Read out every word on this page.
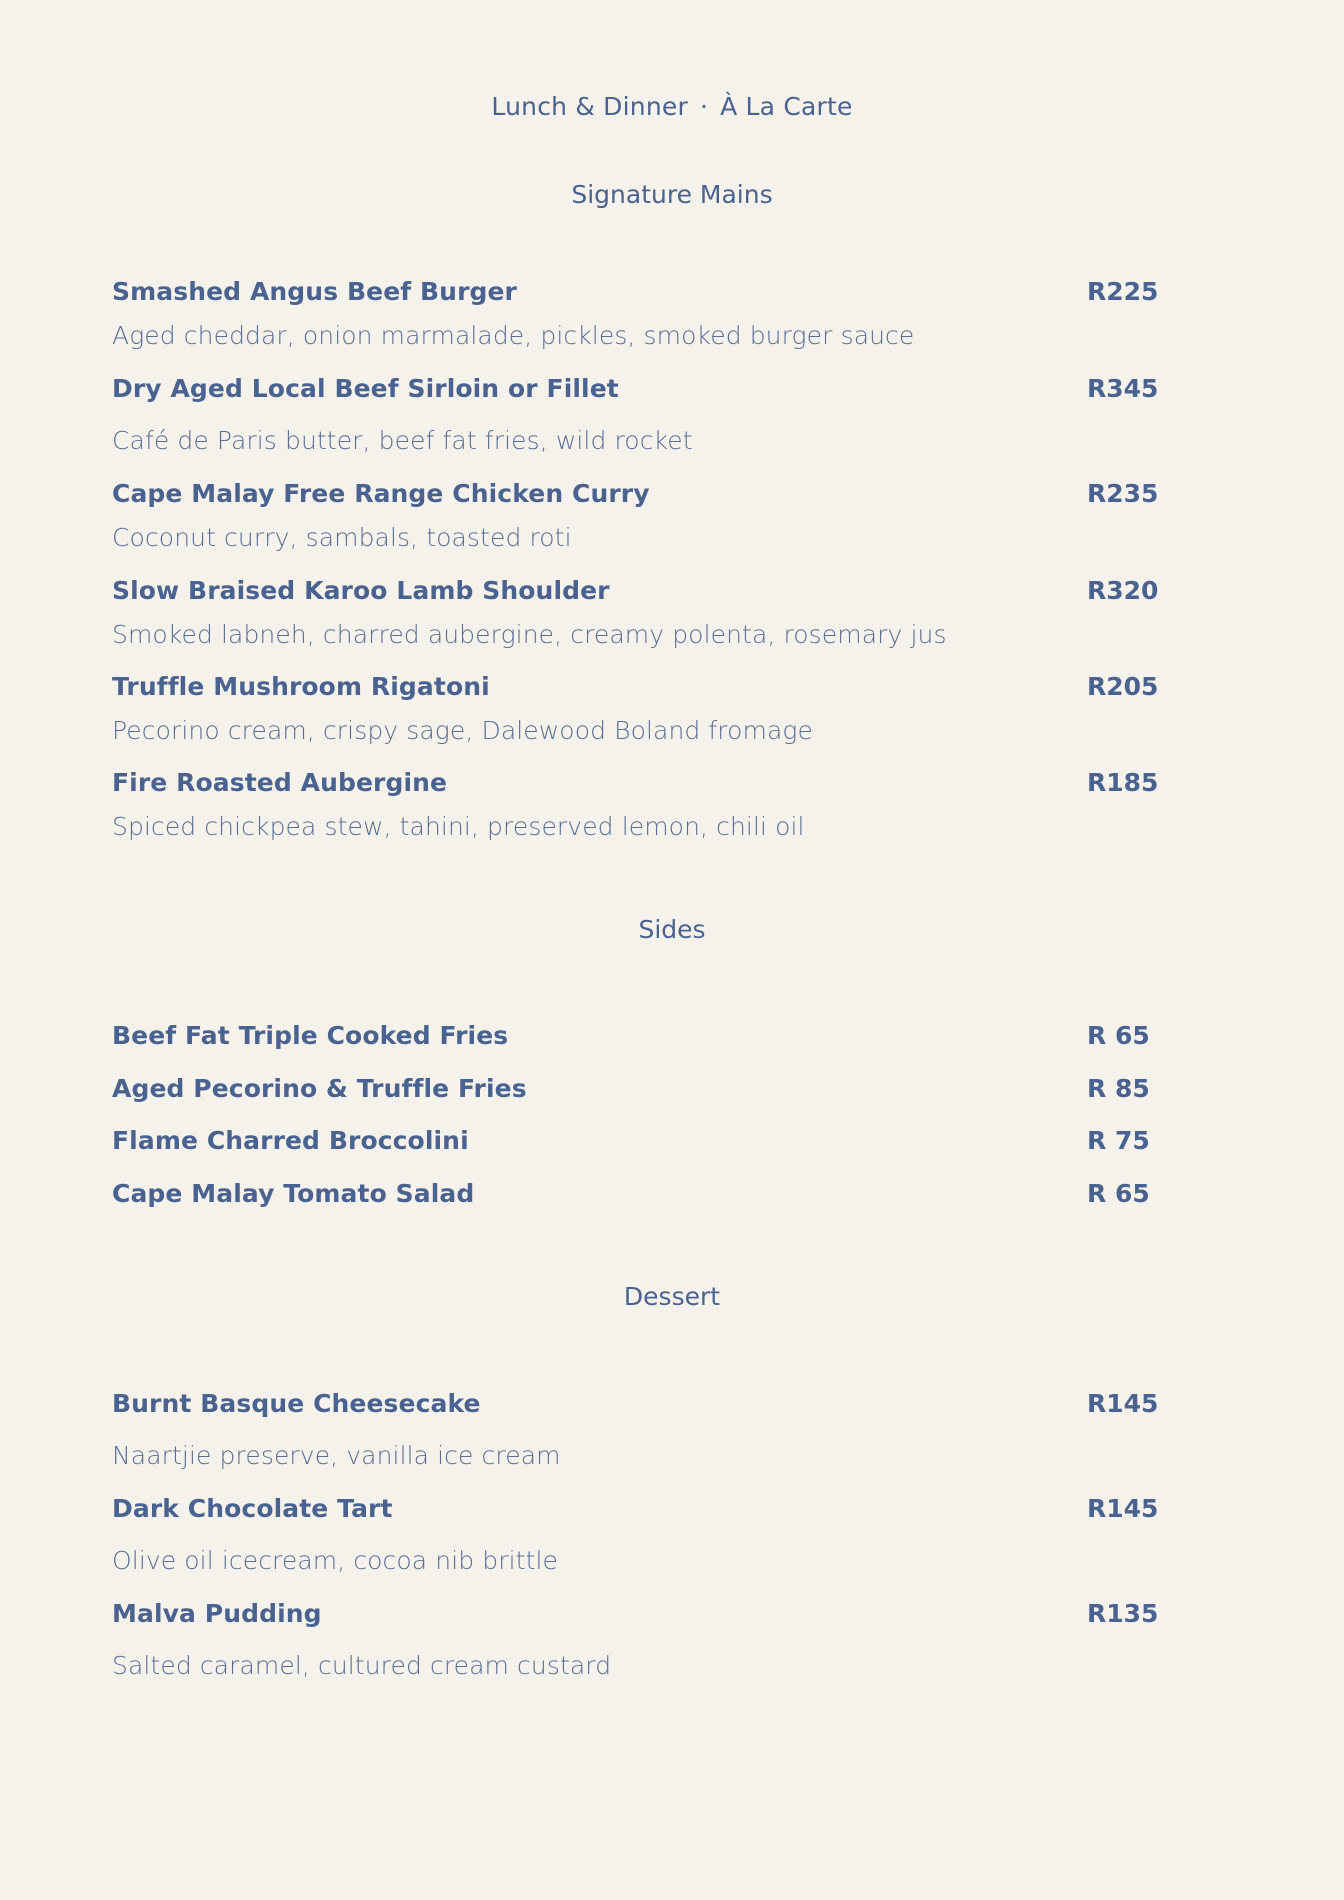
Lunch & Dinner · À La Carte
Signature Mains
Smashed Angus Beef Burger	R225
Aged cheddar, onion marmalade, pickles, smoked burger sauce
Dry Aged Local Beef Sirloin or Fillet	R345
Café de Paris butter, beef fat fries, wild rocket
Cape Malay Free Range Chicken Curry	R235
Coconut curry, sambals, toasted roti
Slow Braised Karoo Lamb Shoulder	R320
Smoked labneh, charred aubergine, creamy polenta, rosemary jus
Truffle Mushroom Rigatoni	R205
Pecorino cream, crispy sage, Dalewood Boland fromage
Fire Roasted Aubergine	R185
Spiced chickpea stew, tahini, preserved lemon, chili oil
Sides
Beef Fat Triple Cooked Fries	R 65
Aged Pecorino & Truffle Fries	R 85
Flame Charred Broccolini	R 75
Cape Malay Tomato Salad	R 65
Dessert
Burnt Basque Cheesecake	R145
Naartjie preserve, vanilla ice cream
Dark Chocolate Tart	R145
Olive oil icecream, cocoa nib brittle
Malva Pudding	R135
Salted caramel, cultured cream custard
